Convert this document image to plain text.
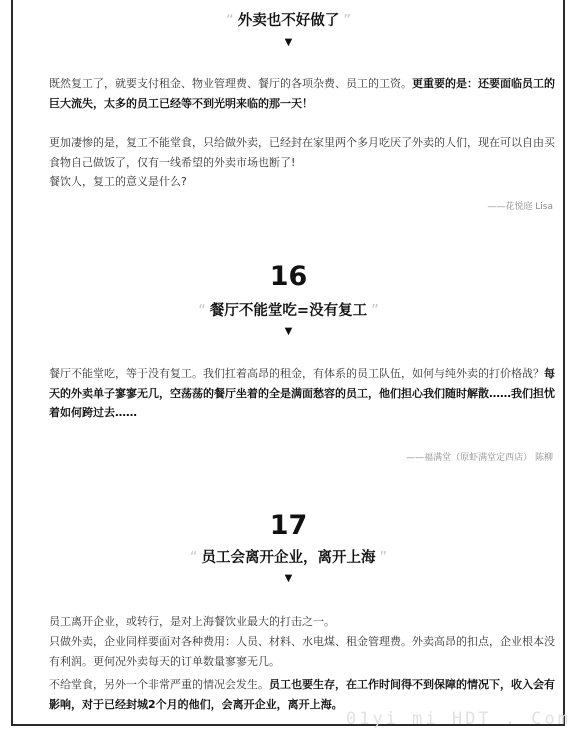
“ 外卖也不好做了 ”
▼
既然复工了，就要支付租金、物业管理费、餐厅的各项杂费、员工的工资。更重要的是：还要面临员工的巨大流失，太多的员工已经等不到光明来临的那一天！
更加凄惨的是，复工不能堂食，只给做外卖，已经封在家里两个多月吃厌了外卖的人们，现在可以自由买食物自己做饭了，仅有一线希望的外卖市场也断了!
餐饮人，复工的意义是什么?
——花悦庭 Lisa
16
“ 餐厅不能堂吃=没有复工 ”
▼
餐厅不能堂吃，等于没有复工。我们扛着高昂的租金，有体系的员工队伍，如何与纯外卖的打价格战？每天的外卖单子寥寥无几，空荡荡的餐厅坐着的全是满面愁容的员工，他们担心我们随时解散……我们担忧着如何跨过去……
——福满堂（原虾满堂定西店） 陈柳
17
“ 员工会离开企业，离开上海 ”
▼
员工离开企业，或转行，是对上海餐饮业最大的打击之一。
只做外卖，企业同样要面对各种费用：人员、材料、水电煤、租金管理费。外卖高昂的扣点，企业根本没有利润。更何况外卖每天的订单数量寥寥无几。
不给堂食，另外一个非常严重的情况会发生。员工也要生存，在工作时间得不到保障的情况下，收入会有影响，对于已经封城2个月的他们，会离开企业，离开上海。
01yi mi HDT . Com
